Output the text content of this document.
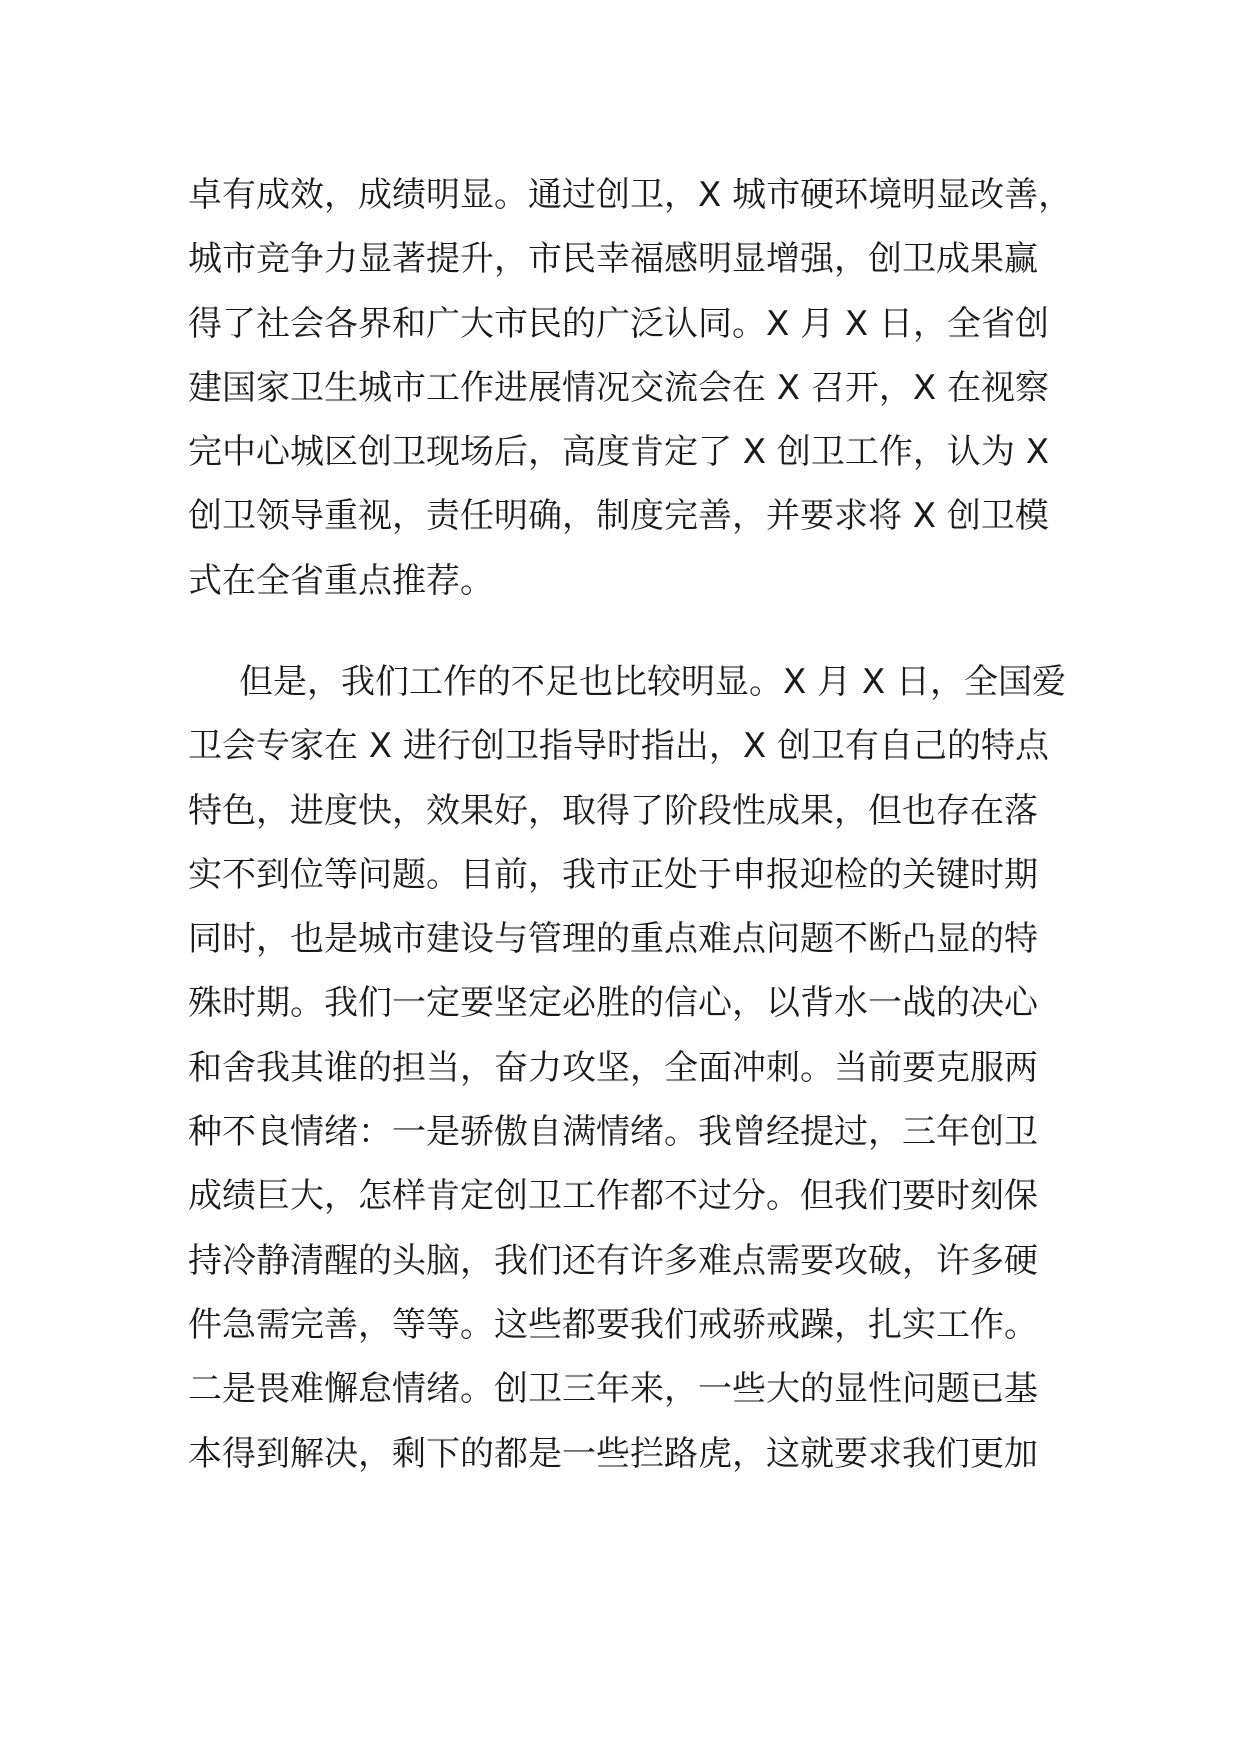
卓有成效，成绩明显。通过创卫，X 城市硬环境明显改善，
城市竞争力显著提升，市民幸福感明显增强，创卫成果赢
得了社会各界和广大市民的广泛认同。X 月 X 日，全省创
建国家卫生城市工作进展情况交流会在 X 召开，X 在视察
完中心城区创卫现场后，高度肯定了 X 创卫工作，认为 X
创卫领导重视，责任明确，制度完善，并要求将 X 创卫模
式在全省重点推荐。
但是，我们工作的不足也比较明显。X 月 X 日，全国爱
卫会专家在 X 进行创卫指导时指出，X 创卫有自己的特点
特色，进度快，效果好，取得了阶段性成果，但也存在落
实不到位等问题。目前，我市正处于申报迎检的关键时期
同时，也是城市建设与管理的重点难点问题不断凸显的特
殊时期。我们一定要坚定必胜的信心，以背水一战的决心
和舍我其谁的担当，奋力攻坚，全面冲刺。当前要克服两
种不良情绪：一是骄傲自满情绪。我曾经提过，三年创卫
成绩巨大，怎样肯定创卫工作都不过分。但我们要时刻保
持冷静清醒的头脑，我们还有许多难点需要攻破，许多硬
件急需完善，等等。这些都要我们戒骄戒躁，扎实工作。
二是畏难懈怠情绪。创卫三年来，一些大的显性问题已基
本得到解决，剩下的都是一些拦路虎，这就要求我们更加
